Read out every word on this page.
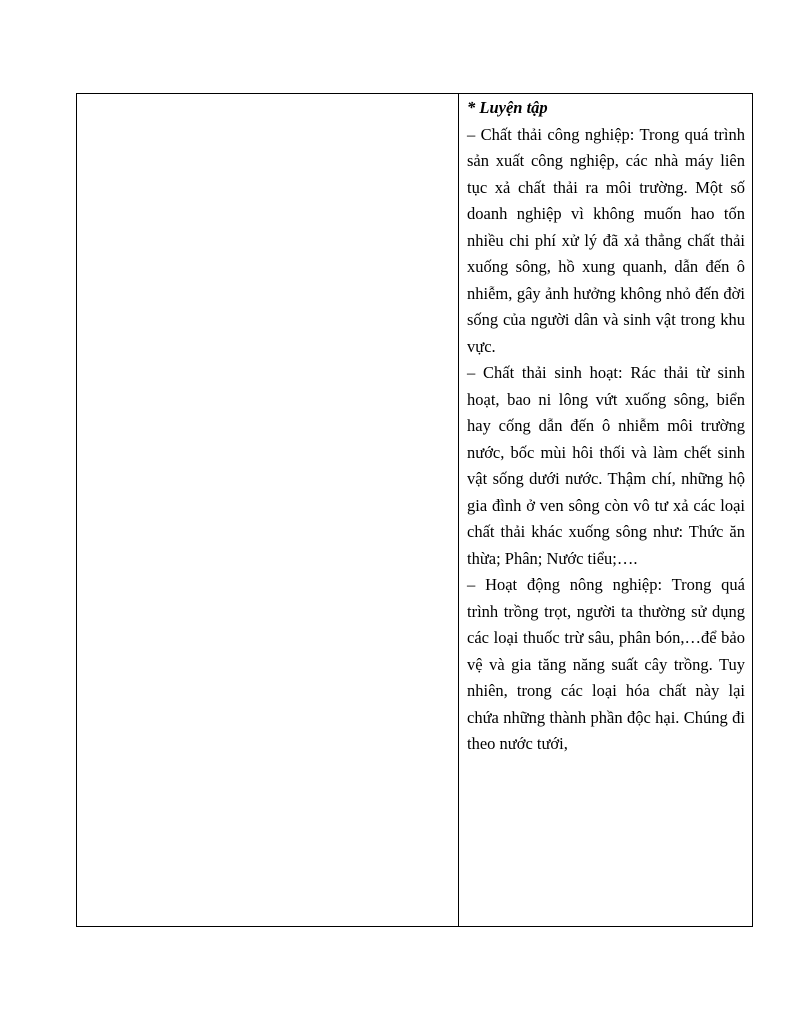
* Luyện tập

– Chất thải công nghiệp: Trong quá trình sản xuất công nghiệp, các nhà máy liên tục xả chất thải ra môi trường. Một số doanh nghiệp vì không muốn hao tốn nhiều chi phí xử lý đã xả thẳng chất thải xuống sông, hồ xung quanh, dẫn đến ô nhiễm, gây ảnh hưởng không nhỏ đến đời sống của người dân và sinh vật trong khu vực.

– Chất thải sinh hoạt: Rác thải từ sinh hoạt, bao ni lông vứt xuống sông, biển hay cống dẫn đến ô nhiễm môi trường nước, bốc mùi hôi thối và làm chết sinh vật sống dưới nước. Thậm chí, những hộ gia đình ở ven sông còn vô tư xả các loại chất thải khác xuống sông như: Thức ăn thừa; Phân; Nước tiểu;….

– Hoạt động nông nghiệp: Trong quá trình trồng trọt, người ta thường sử dụng các loại thuốc trừ sâu, phân bón,…để bảo vệ và gia tăng năng suất cây trồng. Tuy nhiên, trong các loại hóa chất này lại chứa những thành phần độc hại. Chúng đi theo nước tưới,
